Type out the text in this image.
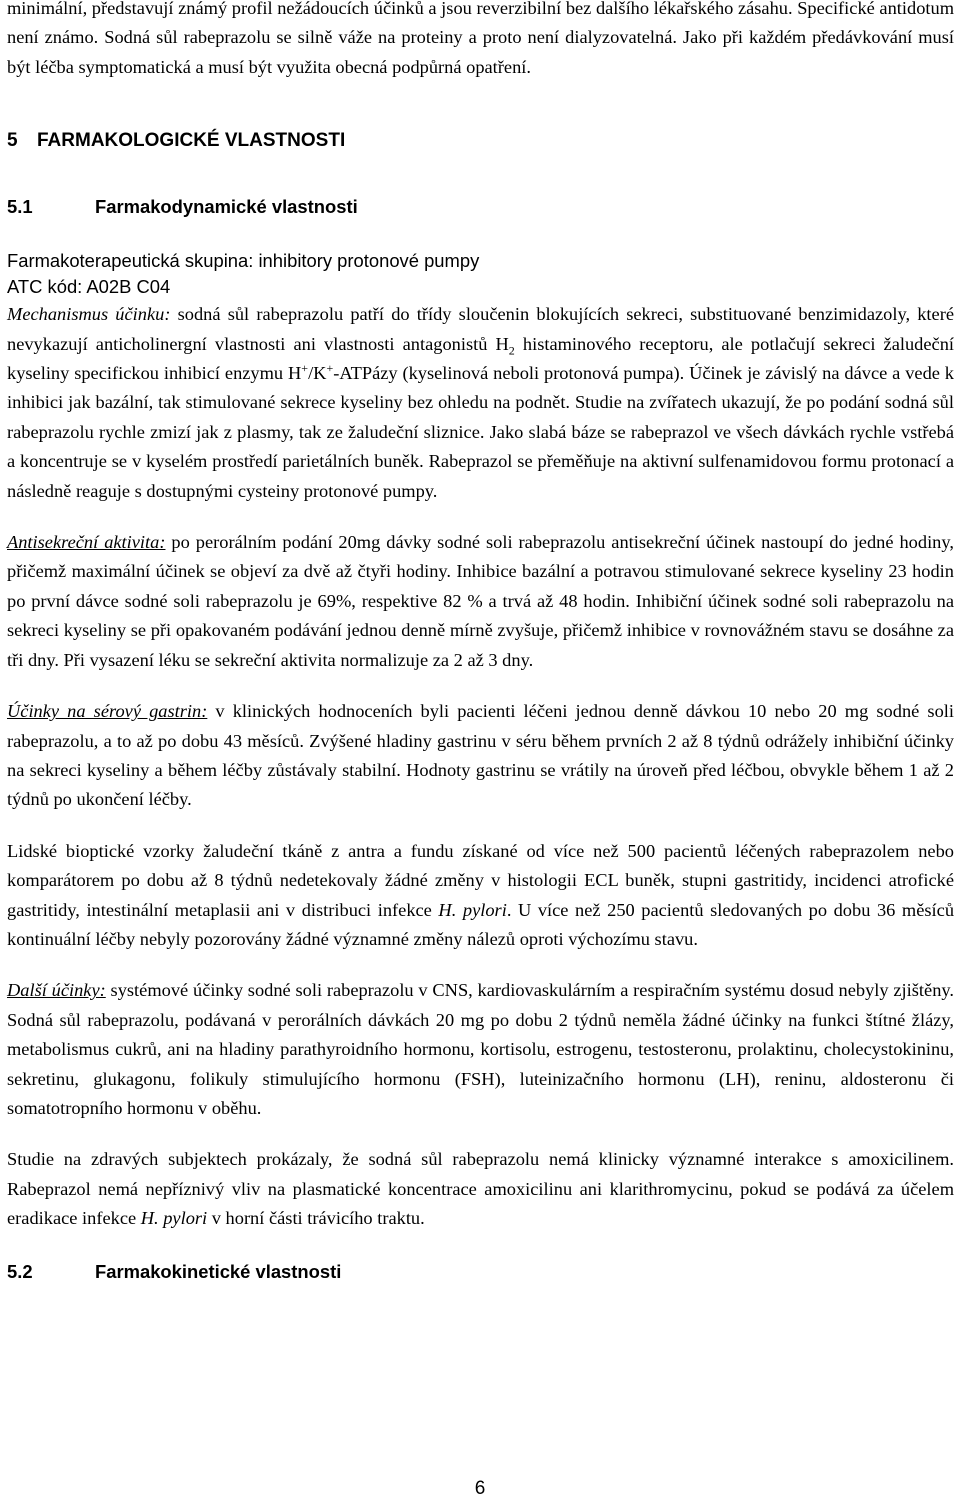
minimální, představují známý profil nežádoucích účinků a jsou reverzibilní bez dalšího lékařského zásahu. Specifické antidotum není známo. Sodná sůl rabeprazolu se silně váže na proteiny a proto není dialyzovatelná. Jako při každém předávkování musí být léčba symptomatická a musí být využita obecná podpůrná opatření.

5 FARMAKOLOGICKÉ VLASTNOSTI
5.1	Farmakodynamické vlastnosti
Farmakoterapeutická skupina: inhibitory protonové pumpy
ATC kód: A02B C04

Mechanismus účinku: sodná sůl rabeprazolu patří do třídy sloučenin blokujících sekreci, substituované benzimidazoly, které nevykazují anticholinergní vlastnosti ani vlastnosti antagonistů $H_2$ histaminového receptoru, ale potlačují sekreci žaludeční kyseliny specifickou inhibicí enzymu H+/K+-ATPázy (kyselinová neboli protonová pumpa). Účinek je závislý na dávce a vede k inhibici jak bazální, tak stimulované sekrece kyseliny bez ohledu na podnět. Studie na zvířatech ukazují, že po podání sodná sůl rabeprazolu rychle zmizí jak z plasmy, tak ze žaludeční sliznice. Jako slabá báze se rabeprazol ve všech dávkách rychle vstřebá a koncentruje se v kyselém prostředí parietálních buněk. Rabeprazol se přeměňuje na aktivní sulfenamidovou formu protonací a následně reaguje s dostupnými cysteiny protonové pumpy.

Antisekreční aktivita: po perorálním podání 20mg dávky sodné soli rabeprazolu antisekreční účinek nastoupí do jedné hodiny, přičemž maximální účinek se objeví za dvě až čtyři hodiny. Inhibice bazální a potravou stimulované sekrece kyseliny 23 hodin po první dávce sodné soli rabeprazolu je 69%, respektive 82 % a trvá až 48 hodin. Inhibiční účinek sodné soli rabeprazolu na sekreci kyseliny se při opakovaném podávání jednou denně mírně zvyšuje, přičemž inhibice v rovnovážném stavu se dosáhne za tři dny. Při vysazení léku se sekreční aktivita normalizuje za 2 až 3 dny.

Účinky na sérový gastrin: v klinických hodnoceních byli pacienti léčeni jednou denně dávkou 10 nebo 20 mg sodné soli rabeprazolu, a to až po dobu 43 měsíců. Zvýšené hladiny gastrinu v séru během prvních 2 až 8 týdnů odrážely inhibiční účinky na sekreci kyseliny a během léčby zůstávaly stabilní. Hodnoty gastrinu se vrátily na úroveň před léčbou, obvykle během 1 až 2 týdnů po ukončení léčby.

Lidské bioptické vzorky žaludeční tkáně z antra a fundu získané od více než 500 pacientů léčených rabeprazolem nebo komparátorem po dobu až 8 týdnů nedetekovaly žádné změny v histologii ECL buněk, stupni gastritidy, incidenci atrofické gastritidy, intestinální metaplasii ani v distribuci infekce H. pylori. U více než 250 pacientů sledovaných po dobu 36 měsíců kontinuální léčby nebyly pozorovány žádné významné změny nálezů oproti výchozímu stavu.

Další účinky: systémové účinky sodné soli rabeprazolu v CNS, kardiovaskulárním a respiračním systému dosud nebyly zjištěny. Sodná sůl rabeprazolu, podávaná v perorálních dávkách 20 mg po dobu 2 týdnů neměla žádné účinky na funkci štítné žlázy, metabolismus cukrů, ani na hladiny parathyroidního hormonu, kortisolu, estrogenu, testosteronu, prolaktinu, cholecystokininu, sekretinu, glukagonu, folikuly stimulujícího hormonu (FSH), luteinizačního hormonu (LH), reninu, aldosteronu či somatotropního hormonu v oběhu.

Studie na zdravých subjektech prokázaly, že sodná sůl rabeprazolu nemá klinicky významné interakce s amoxicilinem. Rabeprazol nemá nepříznivý vliv na plasmatické koncentrace amoxicilinu ani klarithromycinu, pokud se podává za účelem eradikace infekce H. pylori v horní části trávicího traktu.

5.2	Farmakokinetické vlastnosti
6
